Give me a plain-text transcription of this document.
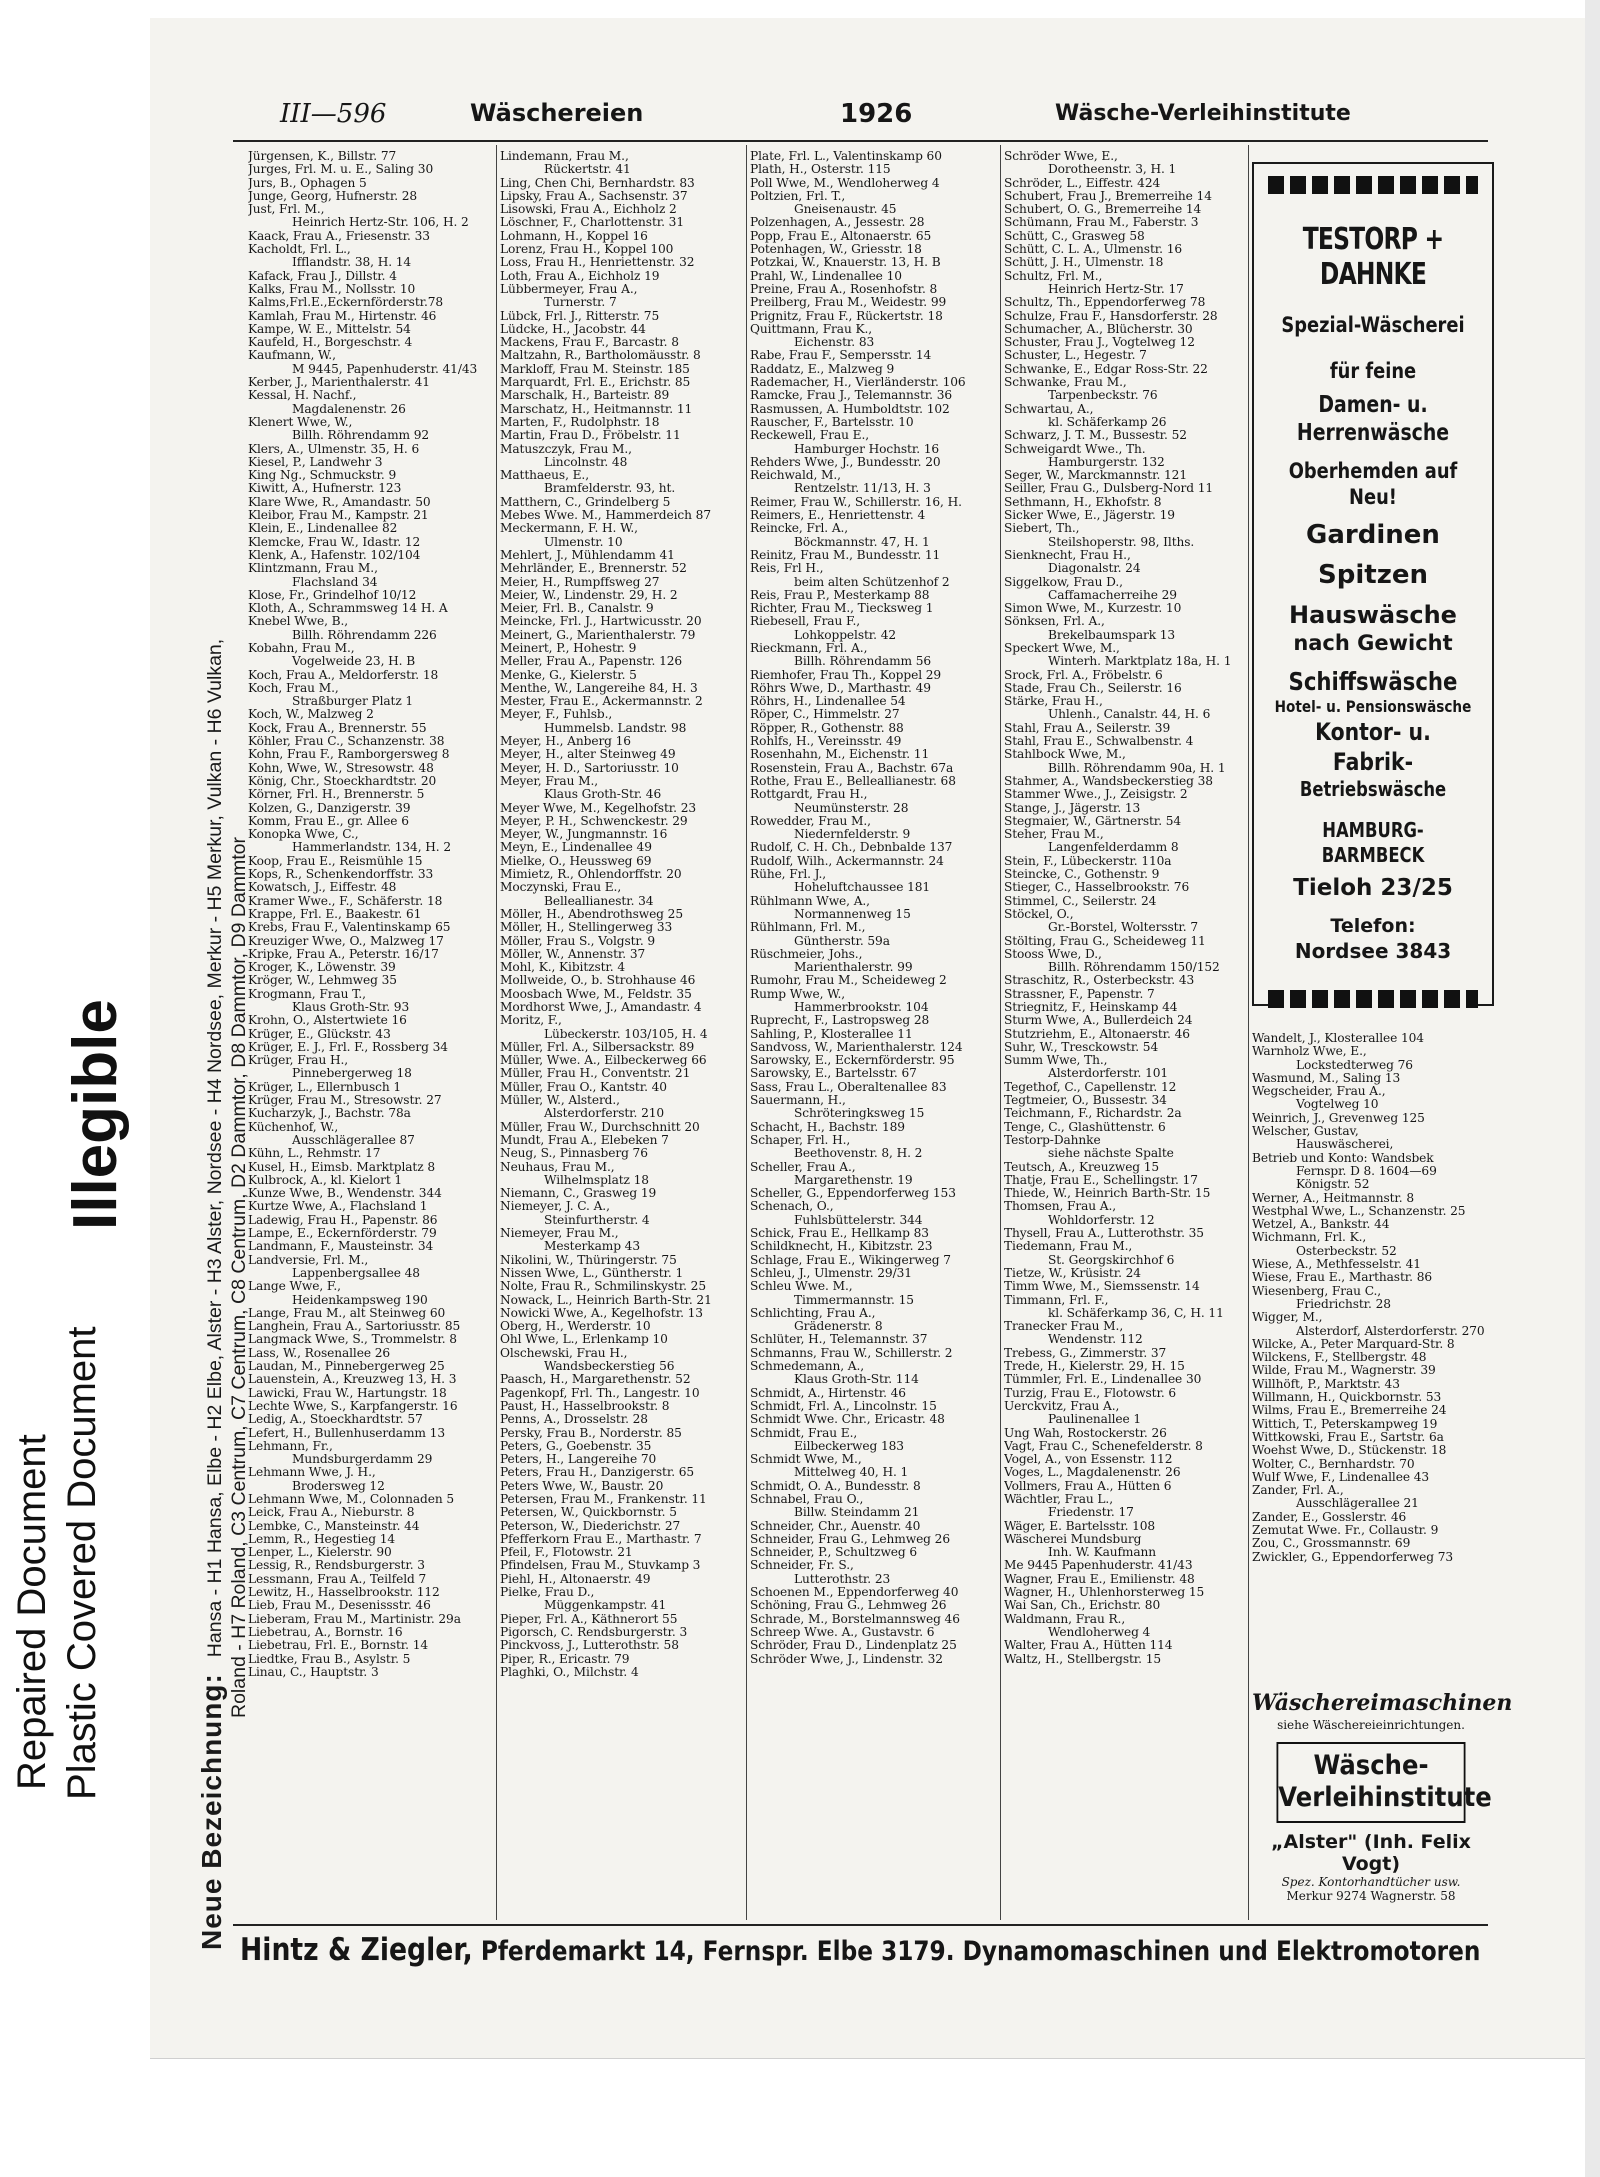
Repaired Document Plastic Covered Document
Illegible
Neue Bezeichnung:Hansa - H1 Hansa, Elbe - H2 Elbe, Alster - H3 Alster, Nordsee - H4 Nordsee, Merkur - H5 Merkur, Vulkan - H6 Vulkan, Roland - H7 Roland, C3 Centrum, C7 Centrum, C8 Centrum, D2 Dammtor, D8 Dammtor, D9 Dammtor
III—596	Wäschereien	1926	Wäsche-Verleihinstitute
Jürgensen, K., Billstr. 77
Jurges, Frl. M. u. E., Saling 30
Jurs, B., Ophagen 5
Junge, Georg, Hufnerstr. 28
Just, Frl. M.,
Heinrich Hertz-Str. 106, H. 2
Kaack, Frau A., Friesenstr. 33
Kacholdt, Frl. L.,
Ifflandstr. 38, H. 14
Kafack, Frau J., Dillstr. 4
Kalks, Frau M., Nollsstr. 10
Kalms,Frl.E.,Eckernförderstr.78
Kamlah, Frau M., Hirtenstr. 46
Kampe, W. E., Mittelstr. 54
Kaufeld, H., Borgeschstr. 4
Kaufmann, W.,
M 9445, Papenhuderstr. 41/43
Kerber, J., Marienthalerstr. 41
Kessal, H. Nachf.,
Magdalenenstr. 26
Klenert Wwe, W.,
Billh. Röhrendamm 92
Klers, A., Ulmenstr. 35, H. 6
Kiesel, P., Landwehr 3
King Ng., Schmuckstr. 9
Kiwitt, A., Hufnerstr. 123
Klare Wwe, R., Amandastr. 50
Kleibor, Frau M., Kampstr. 21
Klein, E., Lindenallee 82
Klemcke, Frau W., Idastr. 12
Klenk, A., Hafenstr. 102/104
Klintzmann, Frau M.,
Flachsland 34
Klose, Fr., Grindelhof 10/12
Kloth, A., Schrammsweg 14 H. A
Knebel Wwe, B.,
Billh. Röhrendamm 226
Kobahn, Frau M.,
Vogelweide 23, H. B
Koch, Frau A., Meldorferstr. 18
Koch, Frau M.,
Straßburger Platz 1
Koch, W., Malzweg 2
Kock, Frau A., Brennerstr. 55
Köhler, Frau C., Schanzenstr. 38
Kohn, Frau F., Ramborgersweg 8
Kohn, Wwe, W., Stresowstr. 48
König, Chr., Stoeckhardtstr. 20
Körner, Frl. H., Brennerstr. 5
Kolzen, G., Danzigerstr. 39
Komm, Frau E., gr. Allee 6
Konopka Wwe, C.,
Hammerlandstr. 134, H. 2
Koop, Frau E., Reismühle 15
Kops, R., Schenkendorffstr. 33
Kowatsch, J., Eiffestr. 48
Kramer Wwe., F., Schäferstr. 18
Krappe, Frl. E., Baakestr. 61
Krebs, Frau F., Valentinskamp 65
Kreuziger Wwe, O., Malzweg 17
Kripke, Frau A., Peterstr. 16/17
Kroger, K., Löwenstr. 39
Kröger, W., Lehmweg 35
Krogmann, Frau T.,
Klaus Groth-Str. 93
Krohn, O., Alstertwiete 16
Krüger, E., Glückstr. 43
Krüger, E. J., Frl. F., Rossberg 34
Krüger, Frau H.,
Pinnebergerweg 18
Krüger, L., Ellernbusch 1
Krüger, Frau M., Stresowstr. 27
Kucharzyk, J., Bachstr. 78a
Küchenhof, W.,
Ausschlägerallee 87
Kühn, L., Rehmstr. 17
Kusel, H., Eimsb. Marktplatz 8
Kulbrock, A., kl. Kielort 1
Kunze Wwe, B., Wendenstr. 344
Kurtze Wwe, A., Flachsland 1
Ladewig, Frau H., Papenstr. 86
Lampe, E., Eckernförderstr. 79
Landmann, F., Mausteinstr. 34
Landversie, Frl. M.,
Lappenbergsallee 48
Lange Wwe, F.,
Heidenkampsweg 190
Lange, Frau M., alt Steinweg 60
Langhein, Frau A., Sartoriusstr. 85
Langmack Wwe, S., Trommelstr. 8
Lass, W., Rosenallee 26
Laudan, M., Pinnebergerweg 25
Lauenstein, A., Kreuzweg 13, H. 3
Lawicki, Frau W., Hartungstr. 18
Lechte Wwe, S., Karpfangerstr. 16
Ledig, A., Stoeckhardtstr. 57
Lefert, H., Bullenhuserdamm 13
Lehmann, Fr.,
Mundsburgerdamm 29
Lehmann Wwe, J. H.,
Brodersweg 12
Lehmann Wwe, M., Colonnaden 5
Leick, Frau A., Nieburstr. 8
Lembke, C., Mansteinstr. 44
Lemm, R., Hegestieg 14
Lenper, L., Kielerstr. 90
Lessig, R., Rendsburgerstr. 3
Lessmann, Frau A., Teilfeld 7
Lewitz, H., Hasselbrookstr. 112
Lieb, Frau M., Desenissstr. 46
Lieberam, Frau M., Martinistr. 29a
Liebetrau, A., Bornstr. 16
Liebetrau, Frl. E., Bornstr. 14
Liedtke, Frau B., Asylstr. 5
Linau, C., Hauptstr. 3
Lindemann, Frau M.,
Rückertstr. 41
Ling, Chen Chi, Bernhardstr. 83
Lipsky, Frau A., Sachsenstr. 37
Lisowski, Frau A., Eichholz 2
Löschner, F., Charlottenstr. 31
Lohmann, H., Koppel 16
Lorenz, Frau H., Koppel 100
Loss, Frau H., Henriettenstr. 32
Loth, Frau A., Eichholz 19
Lübbermeyer, Frau A.,
Turnerstr. 7
Lübck, Frl. J., Ritterstr. 75
Lüdcke, H., Jacobstr. 44
Mackens, Frau F., Barcastr. 8
Maltzahn, R., Bartholomäusstr. 8
Markloff, Frau M. Steinstr. 185
Marquardt, Frl. E., Erichstr. 85
Marschalk, H., Barteistr. 89
Marschatz, H., Heitmannstr. 11
Marten, F., Rudolphstr. 18
Martin, Frau D., Fröbelstr. 11
Matuszczyk, Frau M.,
Lincolnstr. 48
Matthaeus, E.,
Bramfelderstr. 93, ht.
Matthern, C., Grindelberg 5
Mebes Wwe. M., Hammerdeich 87
Meckermann, F. H. W.,
Ulmenstr. 10
Mehlert, J., Mühlendamm 41
Mehrländer, E., Brennerstr. 52
Meier, H., Rumpffsweg 27
Meier, W., Lindenstr. 29, H. 2
Meier, Frl. B., Canalstr. 9
Meincke, Frl. J., Hartwicusstr. 20
Meinert, G., Marienthalerstr. 79
Meinert, P., Hohestr. 9
Meller, Frau A., Papenstr. 126
Menke, G., Kielerstr. 5
Menthe, W., Langereihe 84, H. 3
Mester, Frau E., Ackermannstr. 2
Meyer, F., Fuhlsb.,
Hummelsb. Landstr. 98
Meyer, H., Anberg 16
Meyer, H., alter Steinweg 49
Meyer, H. D., Sartoriusstr. 10
Meyer, Frau M.,
Klaus Groth-Str. 46
Meyer Wwe, M., Kegelhofstr. 23
Meyer, P. H., Schwenckestr. 29
Meyer, W., Jungmannstr. 16
Meyn, E., Lindenallee 49
Mielke, O., Heussweg 69
Mimietz, R., Ohlendorffstr. 20
Moczynski, Frau E.,
Belleallianestr. 34
Möller, H., Abendrothsweg 25
Möller, H., Stellingerweg 33
Möller, Frau S., Volgstr. 9
Möller, W., Annenstr. 37
Mohl, K., Kibitzstr. 4
Mollweide, O., b. Strohhause 46
Moosbach Wwe, M., Feldstr. 35
Mordhorst Wwe, J., Amandastr. 4
Moritz, F.,
Lübeckerstr. 103/105, H. 4
Müller, Frl. A., Silbersackstr. 89
Müller, Wwe. A., Eilbeckerweg 66
Müller, Frau H., Conventstr. 21
Müller, Frau O., Kantstr. 40
Müller, W., Alsterd.,
Alsterdorferstr. 210
Müller, Frau W., Durchschnitt 20
Mundt, Frau A., Elebeken 7
Neug, S., Pinnasberg 76
Neuhaus, Frau M.,
Wilhelmsplatz 18
Niemann, C., Grasweg 19
Niemeyer, J. C. A.,
Steinfurtherstr. 4
Niemeyer, Frau M.,
Mesterkamp 43
Nikolini, W., Thüringerstr. 75
Nissen Wwe, L., Güntherstr. 1
Nolte, Frau R., Schmilinskystr. 25
Nowack, L., Heinrich Barth-Str. 21
Nowicki Wwe, A., Kegelhofstr. 13
Oberg, H., Werderstr. 10
Ohl Wwe, L., Erlenkamp 10
Olschewski, Frau H.,
Wandsbeckerstieg 56
Paasch, H., Margarethenstr. 52
Pagenkopf, Frl. Th., Langestr. 10
Paust, H., Hasselbrookstr. 8
Penns, A., Drosselstr. 28
Persky, Frau B., Norderstr. 85
Peters, G., Goebenstr. 35
Peters, H., Langereihe 70
Peters, Frau H., Danzigerstr. 65
Peters Wwe, W., Baustr. 20
Petersen, Frau M., Frankenstr. 11
Petersen, W., Quickbornstr. 5
Peterson, W., Diederichstr. 27
Pfefferkorn Frau E., Marthastr. 7
Pfeil, F., Flotowstr. 21
Pfindelsen, Frau M., Stuvkamp 3
Piehl, H., Altonaerstr. 49
Pielke, Frau D.,
Müggenkampstr. 41
Pieper, Frl. A., Käthnerort 55
Pigorsch, C. Rendsburgerstr. 3
Pinckvoss, J., Lutterothstr. 58
Piper, R., Ericastr. 79
Plaghki, O., Milchstr. 4
Plate, Frl. L., Valentinskamp 60
Plath, H., Osterstr. 115
Poll Wwe, M., Wendloherweg 4
Poltzien, Frl. T.,
Gneisenaustr. 45
Polzenhagen, A., Jessestr. 28
Popp, Frau E., Altonaerstr. 65
Potenhagen, W., Griesstr. 18
Potzkai, W., Knauerstr. 13, H. B
Prahl, W., Lindenallee 10
Preine, Frau A., Rosenhofstr. 8
Preilberg, Frau M., Weidestr. 99
Prignitz, Frau F., Rückertstr. 18
Quittmann, Frau K.,
Eichenstr. 83
Rabe, Frau F., Sempersstr. 14
Raddatz, E., Malzweg 9
Rademacher, H., Vierländerstr. 106
Ramcke, Frau J., Telemannstr. 36
Rasmussen, A. Humboldtstr. 102
Rauscher, F., Bartelsstr. 10
Reckewell, Frau E.,
Hamburger Hochstr. 16
Rehders Wwe, J., Bundesstr. 20
Reichwald, M.,
Rentzelstr. 11/13, H. 3
Reimer, Frau W., Schillerstr. 16, H.
Reimers, E., Henriettenstr. 4
Reincke, Frl. A.,
Böckmannstr. 47, H. 1
Reinitz, Frau M., Bundesstr. 11
Reis, Frl H.,
beim alten Schützenhof 2
Reis, Frau P., Mesterkamp 88
Richter, Frau M., Tiecksweg 1
Riebesell, Frau F.,
Lohkoppelstr. 42
Rieckmann, Frl. A.,
Billh. Röhrendamm 56
Riemhofer, Frau Th., Koppel 29
Röhrs Wwe, D., Marthastr. 49
Röhrs, H., Lindenallee 54
Röper, C., Himmelstr. 27
Röpper, R., Gothenstr. 88
Rohlfs, H., Vereinsstr. 49
Rosenhahn, M., Eichenstr. 11
Rosenstein, Frau A., Bachstr. 67a
Rothe, Frau E., Belleallianestr. 68
Rottgardt, Frau H.,
Neumünsterstr. 28
Rowedder, Frau M.,
Niedernfelderstr. 9
Rudolf, C. H. Ch., Debnbalde 137
Rudolf, Wilh., Ackermannstr. 24
Rühe, Frl. J.,
Hoheluftchaussee 181
Rühlmann Wwe, A.,
Normannenweg 15
Rühlmann, Frl. M.,
Güntherstr. 59a
Rüschmeier, Johs.,
Marienthalerstr. 99
Rumohr, Frau M., Scheideweg 2
Rump Wwe, W.,
Hammerbrookstr. 104
Ruprecht, F., Lastropsweg 28
Sahling, P., Klosterallee 11
Sandvoss, W., Marienthalerstr. 124
Sarowsky, E., Eckernförderstr. 95
Sarowsky, E., Bartelsstr. 67
Sass, Frau L., Oberaltenallee 83
Sauermann, H.,
Schröteringksweg 15
Schacht, H., Bachstr. 189
Schaper, Frl. H.,
Beethovenstr. 8, H. 2
Scheller, Frau A.,
Margarethenstr. 19
Scheller, G., Eppendorferweg 153
Schenach, O.,
Fuhlsbüttelerstr. 344
Schick, Frau E., Hellkamp 83
Schildknecht, H., Kibitzstr. 23
Schlage, Frau E., Wikingerweg 7
Schleu, J., Ulmenstr. 29/31
Schleu Wwe. M.,
Timmermannstr. 15
Schlichting, Frau A.,
Grädenerstr. 8
Schlüter, H., Telemannstr. 37
Schmanns, Frau W., Schillerstr. 2
Schmedemann, A.,
Klaus Groth-Str. 114
Schmidt, A., Hirtenstr. 46
Schmidt, Frl. A., Lincolnstr. 15
Schmidt Wwe. Chr., Ericastr. 48
Schmidt, Frau E.,
Eilbeckerweg 183
Schmidt Wwe, M.,
Mittelweg 40, H. 1
Schmidt, O. A., Bundesstr. 8
Schnabel, Frau O.,
Billw. Steindamm 21
Schneider, Chr., Auenstr. 40
Schneider, Frau G., Lehmweg 26
Schneider, P., Schultzweg 6
Schneider, Fr. S.,
Lutterothstr. 23
Schoenen M., Eppendorferweg 40
Schöning, Frau G., Lehmweg 26
Schrade, M., Borstelmannsweg 46
Schreep Wwe. A., Gustavstr. 6
Schröder, Frau D., Lindenplatz 25
Schröder Wwe, J., Lindenstr. 32
Schröder Wwe, E.,
Dorotheenstr. 3, H. 1
Schröder, L., Eiffestr. 424
Schubert, Frau J., Bremerreihe 14
Schubert, O. G., Bremerreihe 14
Schümann, Frau M., Faberstr. 3
Schütt, C., Grasweg 58
Schütt, C. L. A., Ulmenstr. 16
Schütt, J. H., Ulmenstr. 18
Schultz, Frl. M.,
Heinrich Hertz-Str. 17
Schultz, Th., Eppendorferweg 78
Schulze, Frau F., Hansdorferstr. 28
Schumacher, A., Blücherstr. 30
Schuster, Frau J., Vogtelweg 12
Schuster, L., Hegestr. 7
Schwanke, E., Edgar Ross-Str. 22
Schwanke, Frau M.,
Tarpenbeckstr. 76
Schwartau, A.,
kl. Schäferkamp 26
Schwarz, J. T. M., Bussestr. 52
Schweigardt Wwe., Th.
Hamburgerstr. 132
Seger, W., Marckmannstr. 121
Seiller, Frau G., Dulsberg-Nord 11
Sethmann, H., Ekhofstr. 8
Sicker Wwe, E., Jägerstr. 19
Siebert, Th.,
Steilshoperstr. 98, Ilths.
Sienknecht, Frau H.,
Diagonalstr. 24
Siggelkow, Frau D.,
Caffamacherreihe 29
Simon Wwe, M., Kurzestr. 10
Sönksen, Frl. A.,
Brekelbaumspark 13
Speckert Wwe, M.,
Winterh. Marktplatz 18a, H. 1
Srock, Frl. A., Fröbelstr. 6
Stade, Frau Ch., Seilerstr. 16
Stärke, Frau H.,
Uhlenh., Canalstr. 44, H. 6
Stahl, Frau A., Seilerstr. 39
Stahl, Frau E., Schwalbenstr. 4
Stahlbock Wwe, M.,
Billh. Röhrendamm 90a, H. 1
Stahmer, A., Wandsbeckerstieg 38
Stammer Wwe., J., Zeisigstr. 2
Stange, J., Jägerstr. 13
Stegmaier, W., Gärtnerstr. 54
Steher, Frau M.,
Langenfelderdamm 8
Stein, F., Lübeckerstr. 110a
Steincke, C., Gothenstr. 9
Stieger, C., Hasselbrookstr. 76
Stimmel, C., Seilerstr. 24
Stöckel, O.,
Gr.-Borstel, Woltersstr. 7
Stölting, Frau G., Scheideweg 11
Stooss Wwe, D.,
Billh. Röhrendamm 150/152
Straschitz, R., Osterbeckstr. 43
Strassner, F., Papenstr. 7
Striegnitz, F., Heinskamp 44
Sturm Wwe, A., Bullerdeich 24
Stutzriehm, E., Altonaerstr. 46
Suhr, W., Tresckowstr. 54
Summ Wwe, Th.,
Alsterdorferstr. 101
Tegethof, C., Capellenstr. 12
Tegtmeier, O., Bussestr. 34
Teichmann, F., Richardstr. 2a
Tenge, C., Glashüttenstr. 6
Testorp-Dahnke
siehe nächste Spalte
Teutsch, A., Kreuzweg 15
Thatje, Frau E., Schellingstr. 17
Thiede, W., Heinrich Barth-Str. 15
Thomsen, Frau A.,
Wohldorferstr. 12
Thysell, Frau A., Lutterothstr. 35
Tiedemann, Frau M.,
St. Georgskirchhof 6
Tietze, W., Krüsistr. 24
Timm Wwe, M., Siemssenstr. 14
Timmann, Frl. F.,
kl. Schäferkamp 36, C, H. 11
Tranecker Frau M.,
Wendenstr. 112
Trebess, G., Zimmerstr. 37
Trede, H., Kielerstr. 29, H. 15
Tümmler, Frl. E., Lindenallee 30
Turzig, Frau E., Flotowstr. 6
Uerckvitz, Frau A.,
Paulinenallee 1
Ung Wah, Rostockerstr. 26
Vagt, Frau C., Schenefelderstr. 8
Vogel, A., von Essenstr. 112
Voges, L., Magdalenenstr. 26
Vollmers, Frau A., Hütten 6
Wächtler, Frau L.,
Friedenstr. 17
Wäger, E. Bartelsstr. 108
Wäscherei Mundsburg
Inh. W. Kaufmann
Me 9445 Papenhuderstr. 41/43
Wagner, Frau E., Emilienstr. 48
Wagner, H., Uhlenhorsterweg 15
Wai San, Ch., Erichstr. 80
Waldmann, Frau R.,
Wendloherweg 4
Walter, Frau A., Hütten 114
Waltz, H., Stellbergstr. 15
TESTORP + DAHNKE
Spezial-Wäscherei
für feine
Damen- u. Herrenwäsche
Oberhemden auf Neu!
Gardinen
Spitzen
Hauswäsche
nach Gewicht
Schiffswäsche
Hotel- u. Pensionswäsche
Kontor- u. Fabrik-
Betriebswäsche
HAMBURG-BARMBECK
Tieloh 23/25
Telefon:
Nordsee 3843
Wandelt, J., Klosterallee 104
Warnholz Wwe, E.,
Lockstedterweg 76
Wasmund, M., Saling 13
Wegscheider, Frau A.,
Vogtelweg 10
Weinrich, J., Grevenweg 125
Welscher, Gustav,
Hauswäscherei,
Betrieb und Konto: Wandsbek
Fernspr. D 8. 1604—69
Königstr. 52
Werner, A., Heitmannstr. 8
Westphal Wwe, L., Schanzenstr. 25
Wetzel, A., Bankstr. 44
Wichmann, Frl. K.,
Osterbeckstr. 52
Wiese, A., Methfesselstr. 41
Wiese, Frau E., Marthastr. 86
Wiesenberg, Frau C.,
Friedrichstr. 28
Wigger, M.,
Alsterdorf, Alsterdorferstr. 270
Wilcke, A., Peter Marquard-Str. 8
Wilckens, F., Stellbergstr. 48
Wilde, Frau M., Wagnerstr. 39
Willhöft, P., Marktstr. 43
Willmann, H., Quickbornstr. 53
Wilms, Frau E., Bremerreihe 24
Wittich, T., Peterskampweg 19
Wittkowski, Frau E., Sartstr. 6a
Woehst Wwe, D., Stückenstr. 18
Wolter, C., Bernhardstr. 70
Wulf Wwe, F., Lindenallee 43
Zander, Frl. A.,
Ausschlägerallee 21
Zander, E., Gosslerstr. 46
Zemutat Wwe. Fr., Collaustr. 9
Zou, C., Grossmannstr. 69
Zwickler, G., Eppendorferweg 73
Wäschereimaschinen
siehe Wäschereieinrichtungen.
Wäsche-
Verleihinstitute
„Alster" (Inh. Felix Vogt)
Spez. Kontorhandtücher usw.
Merkur 9274 Wagnerstr. 58
Hintz & Ziegler, Pferdemarkt 14, Fernspr. Elbe 3179. Dynamomaschinen und Elektromotoren
